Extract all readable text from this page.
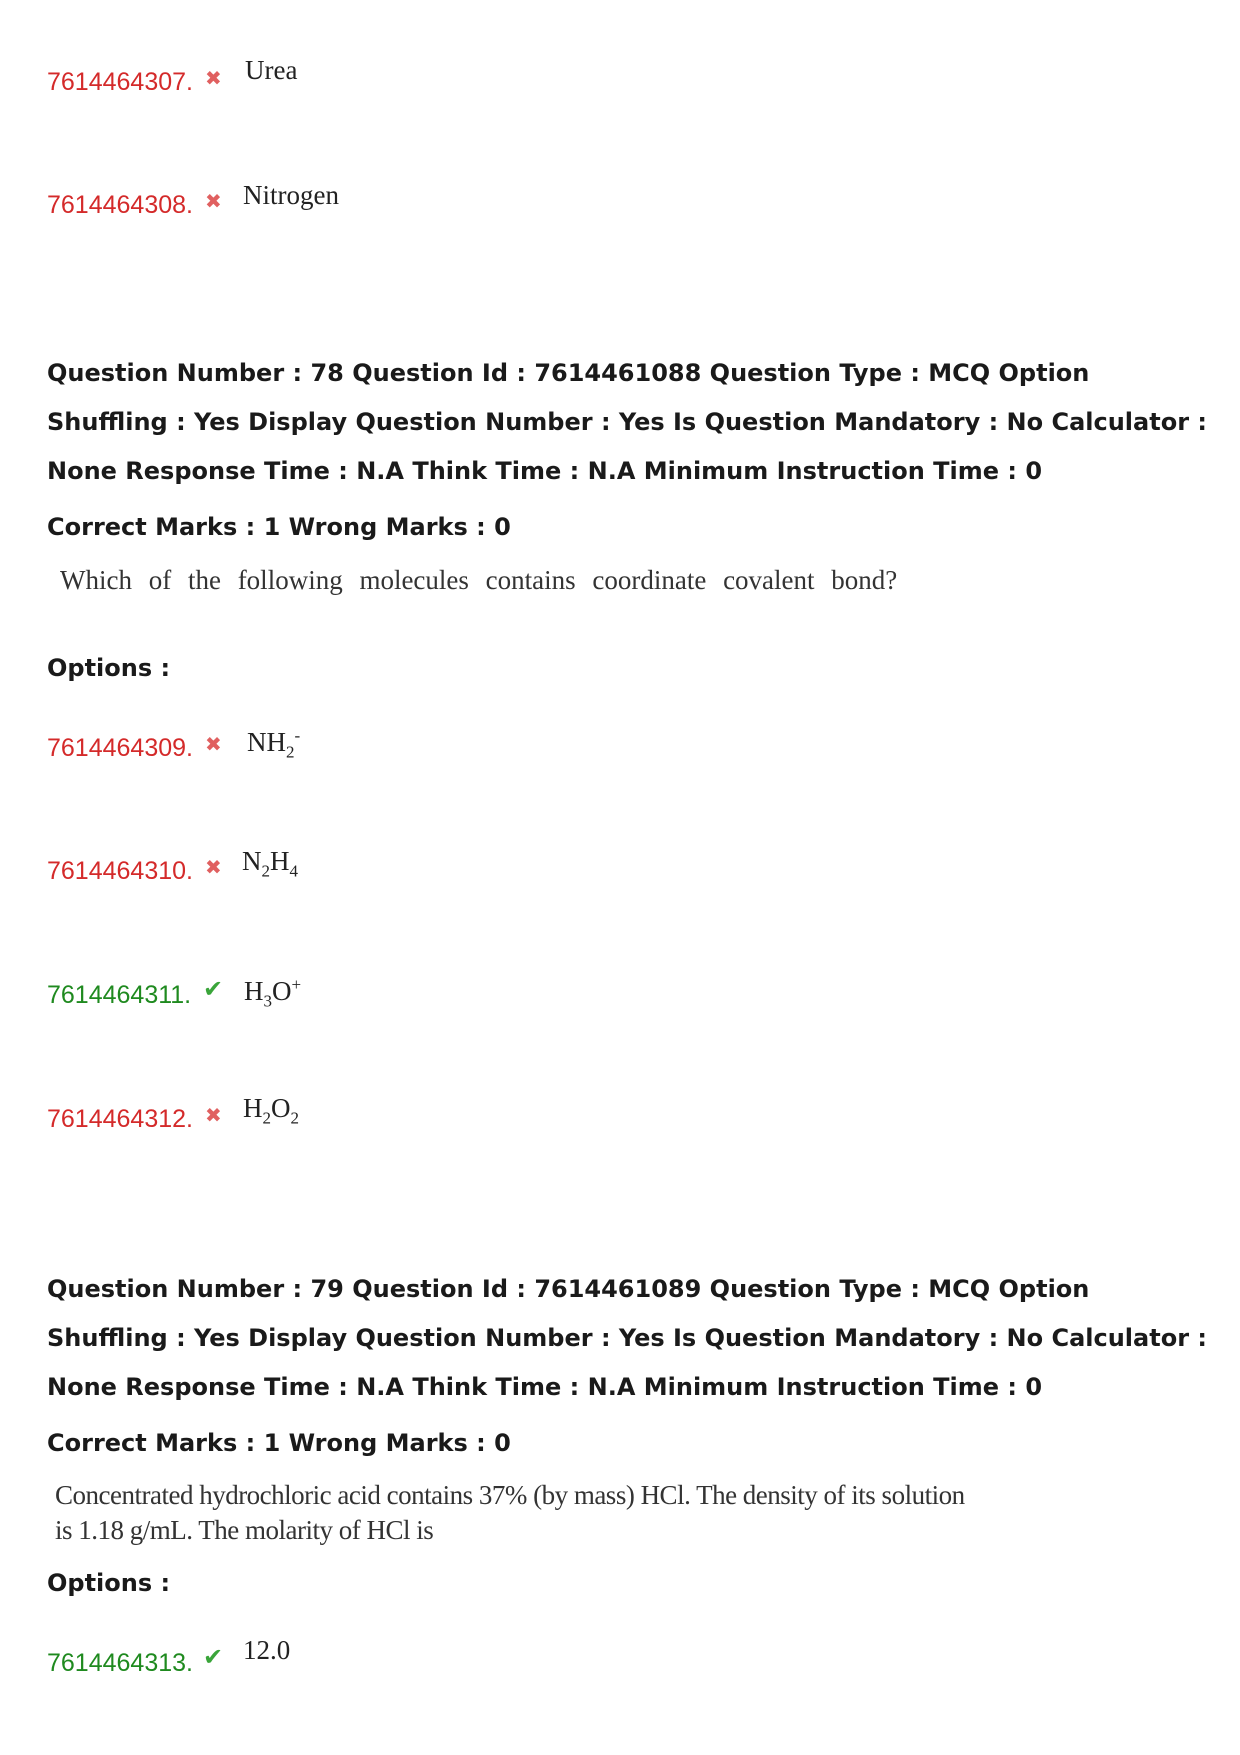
7614464307. ✖ Urea
7614464308. ✖ Nitrogen
Question Number : 78 Question Id : 7614461088 Question Type : MCQ Option Shuffling : Yes Display Question Number : Yes Is Question Mandatory : No Calculator : None Response Time : N.A Think Time : N.A Minimum Instruction Time : 0
Correct Marks : 1 Wrong Marks : 0
Which of the following molecules contains coordinate covalent bond?
Options :
7614464309. ✖ $NH_2^-$
7614464310. ✖ $N_2H_4$
7614464311. ✔ $H_3O^+$
7614464312. ✖ $H_2O_2$
Question Number : 79 Question Id : 7614461089 Question Type : MCQ Option Shuffling : Yes Display Question Number : Yes Is Question Mandatory : No Calculator : None Response Time : N.A Think Time : N.A Minimum Instruction Time : 0
Correct Marks : 1 Wrong Marks : 0
Concentrated hydrochloric acid contains 37% (by mass) HCl. The density of its solution
is 1.18 g/mL. The molarity of HCl is
Options :
7614464313. ✔ 12.0
